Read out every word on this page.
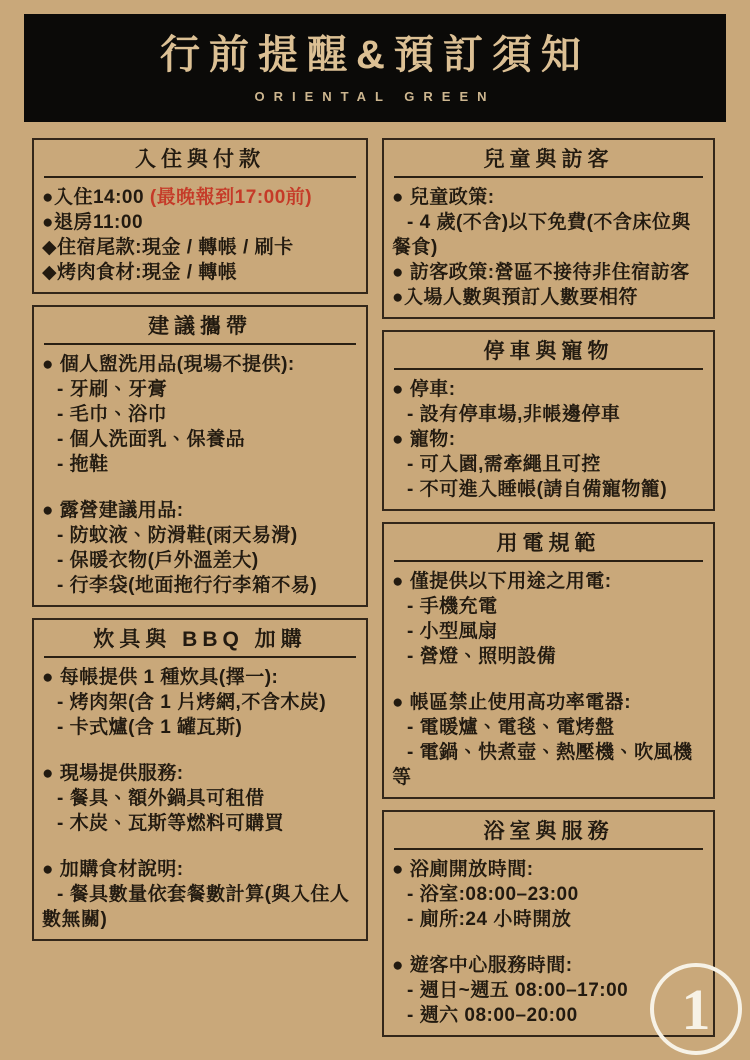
行前提醒&預訂須知
ORIENTAL GREEN
入住與付款
●入住14:00 (最晚報到17:00前)
●退房11:00
◆住宿尾款:現金 / 轉帳 / 刷卡
◆烤肉食材:現金 / 轉帳
建議攜帶
● 個人盥洗用品(現場不提供):
- 牙刷、牙膏
- 毛巾、浴巾
- 個人洗面乳、保養品
- 拖鞋
● 露營建議用品:
- 防蚊液、防滑鞋(雨天易滑)
- 保暖衣物(戶外溫差大)
- 行李袋(地面拖行行李箱不易)
炊具與 BBQ 加購
● 每帳提供 1 種炊具(擇一):
- 烤肉架(含 1 片烤網,不含木炭)
- 卡式爐(含 1 罐瓦斯)
● 現場提供服務:
- 餐具、額外鍋具可租借
- 木炭、瓦斯等燃料可購買
● 加購食材說明:
- 餐具數量依套餐數計算(與入住人數無關)
兒童與訪客
● 兒童政策:
- 4 歲(不含)以下免費(不含床位與餐食)
● 訪客政策:營區不接待非住宿訪客
●入場人數與預訂人數要相符
停車與寵物
● 停車:
- 設有停車場,非帳邊停車
● 寵物:
- 可入園,需牽繩且可控
- 不可進入睡帳(請自備寵物籠)
用電規範
● 僅提供以下用途之用電:
- 手機充電
- 小型風扇
- 營燈、照明設備
● 帳區禁止使用高功率電器:
- 電暖爐、電毯、電烤盤
- 電鍋、快煮壺、熱壓機、吹風機等
浴室與服務
● 浴廁開放時間:
- 浴室:08:00–23:00
- 廁所:24 小時開放
● 遊客中心服務時間:
- 週日~週五 08:00–17:00
- 週六 08:00–20:00	1
